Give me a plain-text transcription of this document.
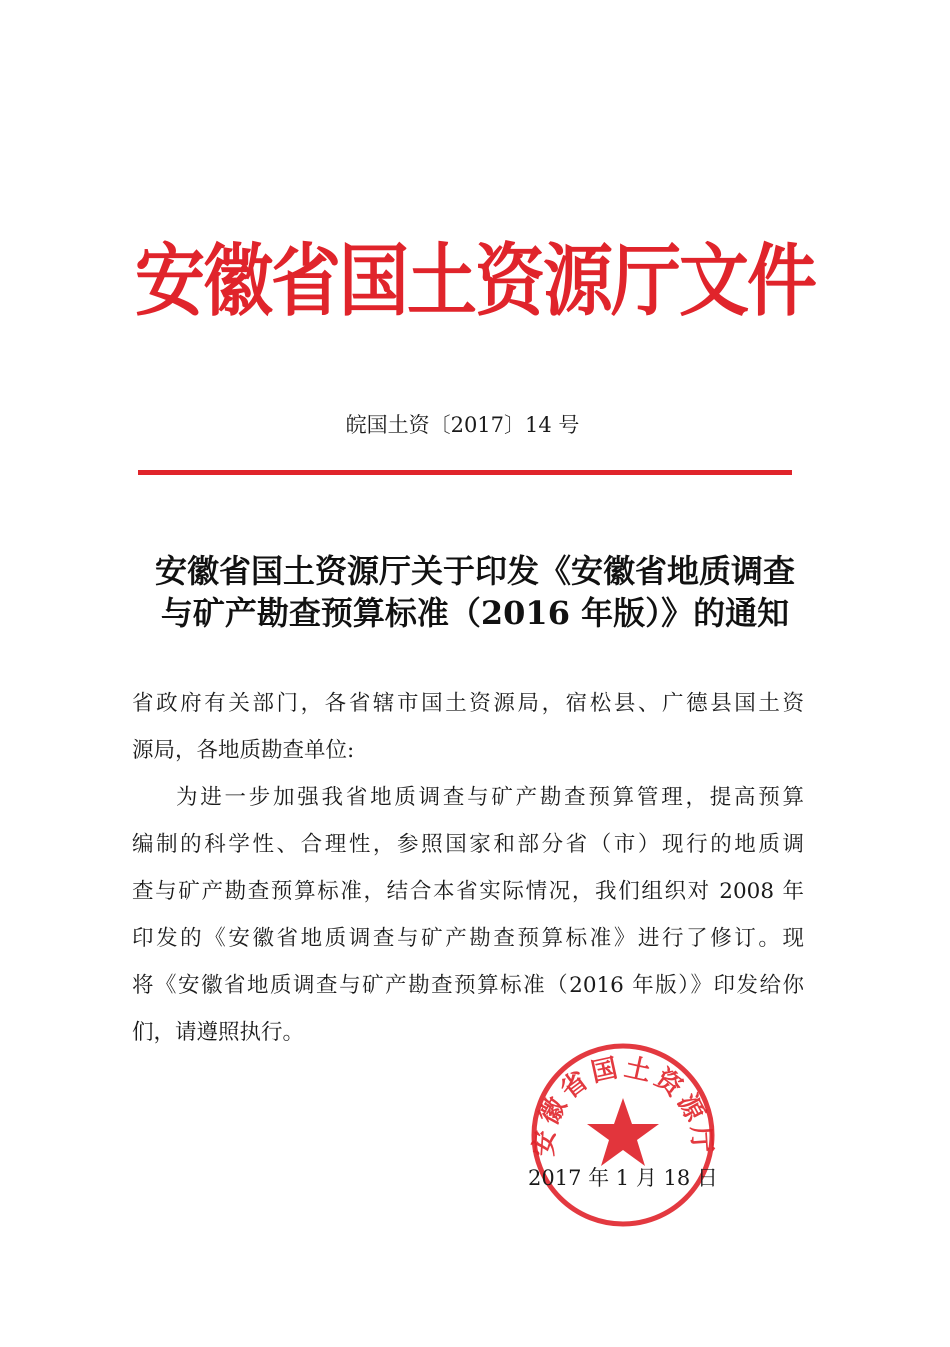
安徽省国土资源厅文件
皖国土资〔2017〕14 号
安徽省国土资源厅关于印发《安徽省地质调查
与矿产勘查预算标准（2016 年版）》的通知
省政府有关部门，各省辖市国土资源局，宿松县、广德县国土资
源局，各地质勘查单位:
为进一步加强我省地质调查与矿产勘查预算管理，提高预算
编制的科学性、合理性，参照国家和部分省（市）现行的地质调
查与矿产勘查预算标准，结合本省实际情况，我们组织对 2008 年
印发的《安徽省地质调查与矿产勘查预算标准》进行了修订。现
将《安徽省地质调查与矿产勘查预算标准（2016 年版）》印发给你
们，请遵照执行。
安徽省国土资源厅
2017 年 1 月 18 日
